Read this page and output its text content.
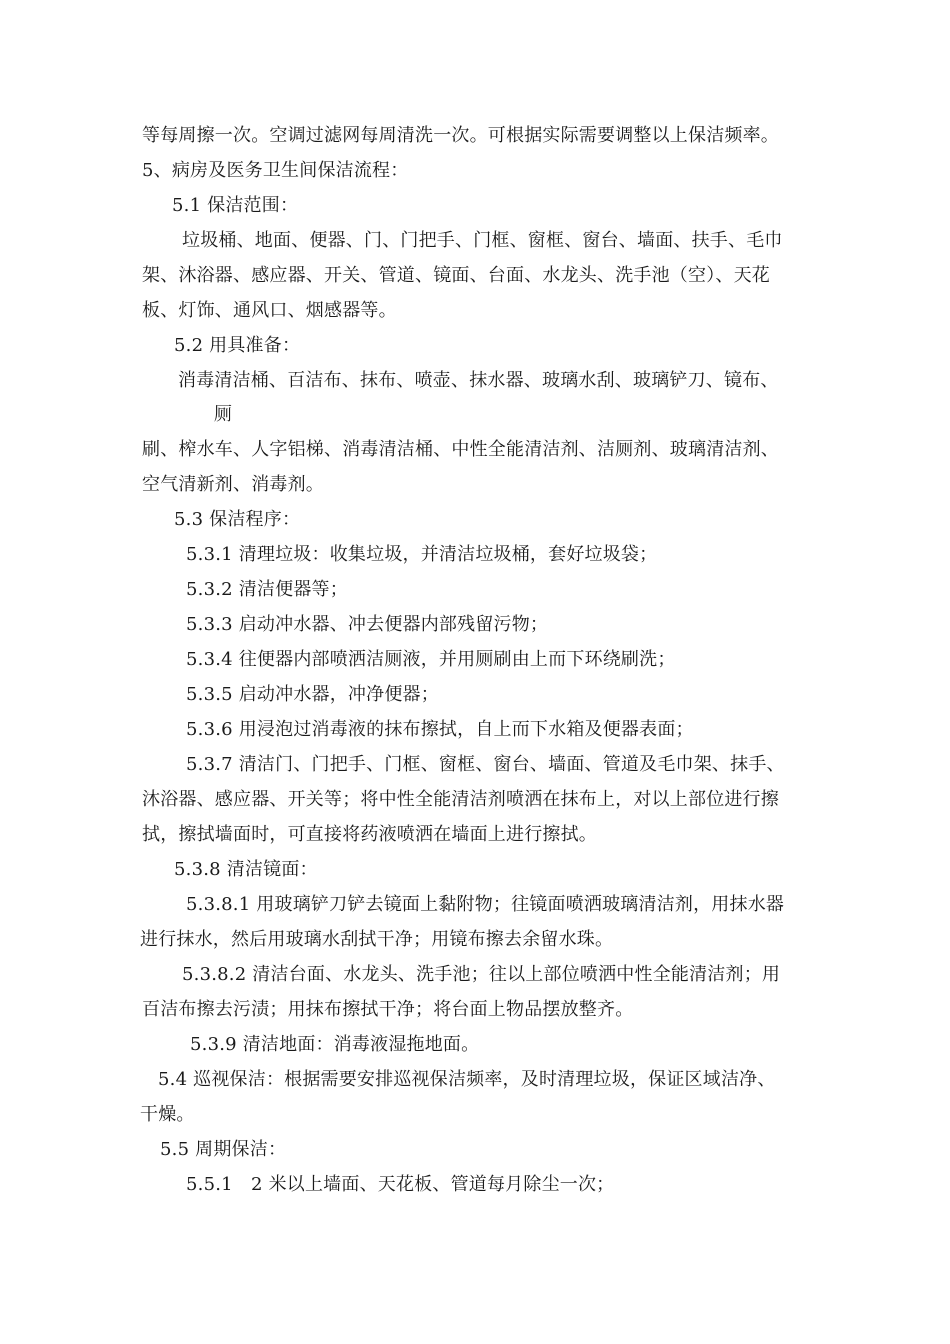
等每周擦一次。空调过滤网每周清洗一次。可根据实际需要调整以上保洁频率。
5、病房及医务卫生间保洁流程：
5.1 保洁范围：
垃圾桶、地面、便器、门、门把手、门框、窗框、窗台、墙面、扶手、毛巾
架、沐浴器、感应器、开关、管道、镜面、台面、水龙头、洗手池（空）、天花
板、灯饰、通风口、烟感器等。
5.2 用具准备：
消毒清洁桶、百洁布、抹布、喷壶、抹水器、玻璃水刮、玻璃铲刀、镜布、
厕
刷、榨水车、人字铝梯、消毒清洁桶、中性全能清洁剂、洁厕剂、玻璃清洁剂、
空气清新剂、消毒剂。
5.3 保洁程序：
5.3.1 清理垃圾：收集垃圾，并清洁垃圾桶，套好垃圾袋；
5.3.2 清洁便器等；
5.3.3 启动冲水器、冲去便器内部残留污物；
5.3.4 往便器内部喷洒洁厕液，并用厕刷由上而下环绕刷洗；
5.3.5 启动冲水器，冲净便器；
5.3.6 用浸泡过消毒液的抹布擦拭，自上而下水箱及便器表面；
5.3.7 清洁门、门把手、门框、窗框、窗台、墙面、管道及毛巾架、抹手、
沐浴器、感应器、开关等；将中性全能清洁剂喷洒在抹布上，对以上部位进行擦
拭，擦拭墙面时，可直接将药液喷洒在墙面上进行擦拭。
5.3.8 清洁镜面：
5.3.8.1 用玻璃铲刀铲去镜面上黏附物；往镜面喷洒玻璃清洁剂，用抹水器
进行抹水，然后用玻璃水刮拭干净；用镜布擦去余留水珠。
5.3.8.2 清洁台面、水龙头、洗手池；往以上部位喷洒中性全能清洁剂；用
百洁布擦去污渍；用抹布擦拭干净；将台面上物品摆放整齐。
5.3.9 清洁地面：消毒液湿拖地面。
5.4 巡视保洁：根据需要安排巡视保洁频率，及时清理垃圾，保证区域洁净、
干燥。
5.5 周期保洁：
5.5.1　2 米以上墙面、天花板、管道每月除尘一次；
